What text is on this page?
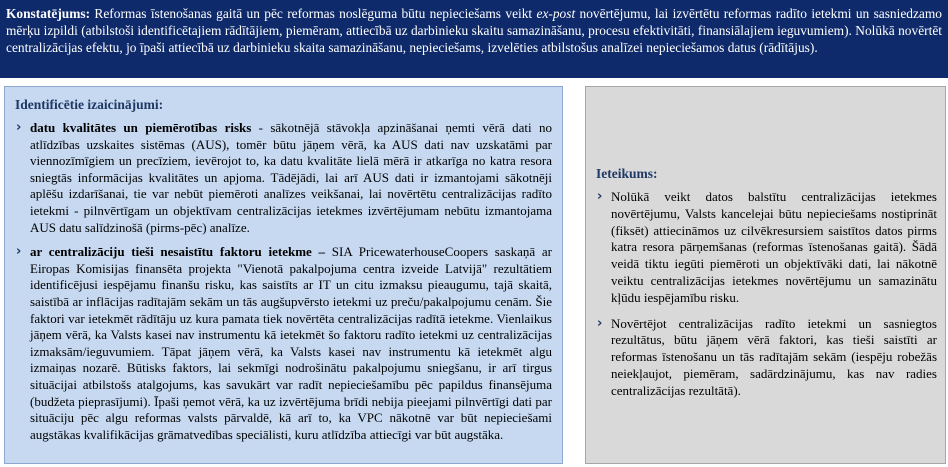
Konstatējums: Reformas īstenošanas gaitā un pēc reformas noslēguma būtu nepieciešams veikt ex-post novērtējumu, lai izvērtētu reformas radīto ietekmi un sasniedzamo mērķu izpildi (atbilstoši identificētajiem rādītājiem, piemēram, attiecībā uz darbinieku skaitu samazināšanu, procesu efektivitāti, finansiālajiem ieguvumiem). Nolūkā novērtēt centralizācijas efektu, jo īpaši attiecībā uz darbinieku skaita samazināšanu, nepieciešams, izvelēties atbilstošus analīzei nepieciešamos datus (rādītājus).
Identificētie izaicinājumi:
› datu kvalitātes un piemērotības risks - sākotnējā stāvokļa apzināšanai ņemti vērā dati no atlīdzības uzskaites sistēmas (AUS), tomēr būtu jāņem vērā, ka AUS dati nav uzskatāmi par viennozīmīgiem un precīziem, ievērojot to, ka datu kvalitāte lielā mērā ir atkarīga no katra resora sniegtās informācijas kvalitātes un apjoma. Tādējādi, lai arī AUS dati ir izmantojami sākotnēji aplēšu izdarīšanai, tie var nebūt piemēroti analīzes veikšanai, lai novērtētu centralizācijas radīto ietekmi - pilnvērtīgam un objektīvam centralizācijas ietekmes izvērtējumam nebūtu izmantojama AUS datu salīdzinošā (pirms-pēc) analīze.
› ar centralizāciju tieši nesaistītu faktoru ietekme – SIA PricewaterhouseCoopers saskaņā ar Eiropas Komisijas finansēta projekta "Vienotā pakalpojuma centra izveide Latvijā" rezultātiem identificējusi iespējamu finanšu risku, kas saistīts ar IT un citu izmaksu pieaugumu, tajā skaitā, saistībā ar inflācijas radītajām sekām un tās augšupvērsto ietekmi uz preču/pakalpojumu cenām. Šie faktori var ietekmēt rādītāju uz kura pamata tiek novērtēta centralizācijas radītā ietekme. Vienlaikus jāņem vērā, ka Valsts kasei nav instrumentu kā ietekmēt šo faktoru radīto ietekmi uz centralizācijas izmaksām/ieguvumiem. Tāpat jāņem vērā, ka Valsts kasei nav instrumentu kā ietekmēt algu izmaiņas nozarē. Būtisks faktors, lai sekmīgi nodrošinātu pakalpojumu sniegšanu, ir arī tirgus situācijai atbilstošs atalgojums, kas savukārt var radīt nepieciešamību pēc papildus finansējuma (budžeta pieprasījumi). Īpaši ņemot vērā, ka uz izvērtējuma brīdi nebija pieejami pilnvērtīgi dati par situāciju pēc algu reformas valsts pārvaldē, kā arī to, ka VPC nākotnē var būt nepieciešami augstākas kvalifikācijas grāmatvedības speciālisti, kuru atlīdzība attiecīgi var būt augstāka.
Ieteikums:
› Nolūkā veikt datos balstītu centralizācijas ietekmes novērtējumu, Valsts kancelejai būtu nepieciešams nostiprināt (fiksēt) attiecināmos uz cilvēkresursiem saistītos datos pirms katra resora pārņemšanas (reformas īstenošanas gaitā). Šādā veidā tiktu iegūti piemēroti un objektīvāki dati, lai nākotnē veiktu centralizācijas ietekmes novērtējumu un samazinātu kļūdu iespējamību risku.
› Novērtējot centralizācijas radīto ietekmi un sasniegtos rezultātus, būtu jāņem vērā faktori, kas tieši saistīti ar reformas īstenošanu un tās radītajām sekām (iespēju robežās neiekļaujot, piemēram, sadārdzinājumu, kas nav radies centralizācijas rezultātā).
